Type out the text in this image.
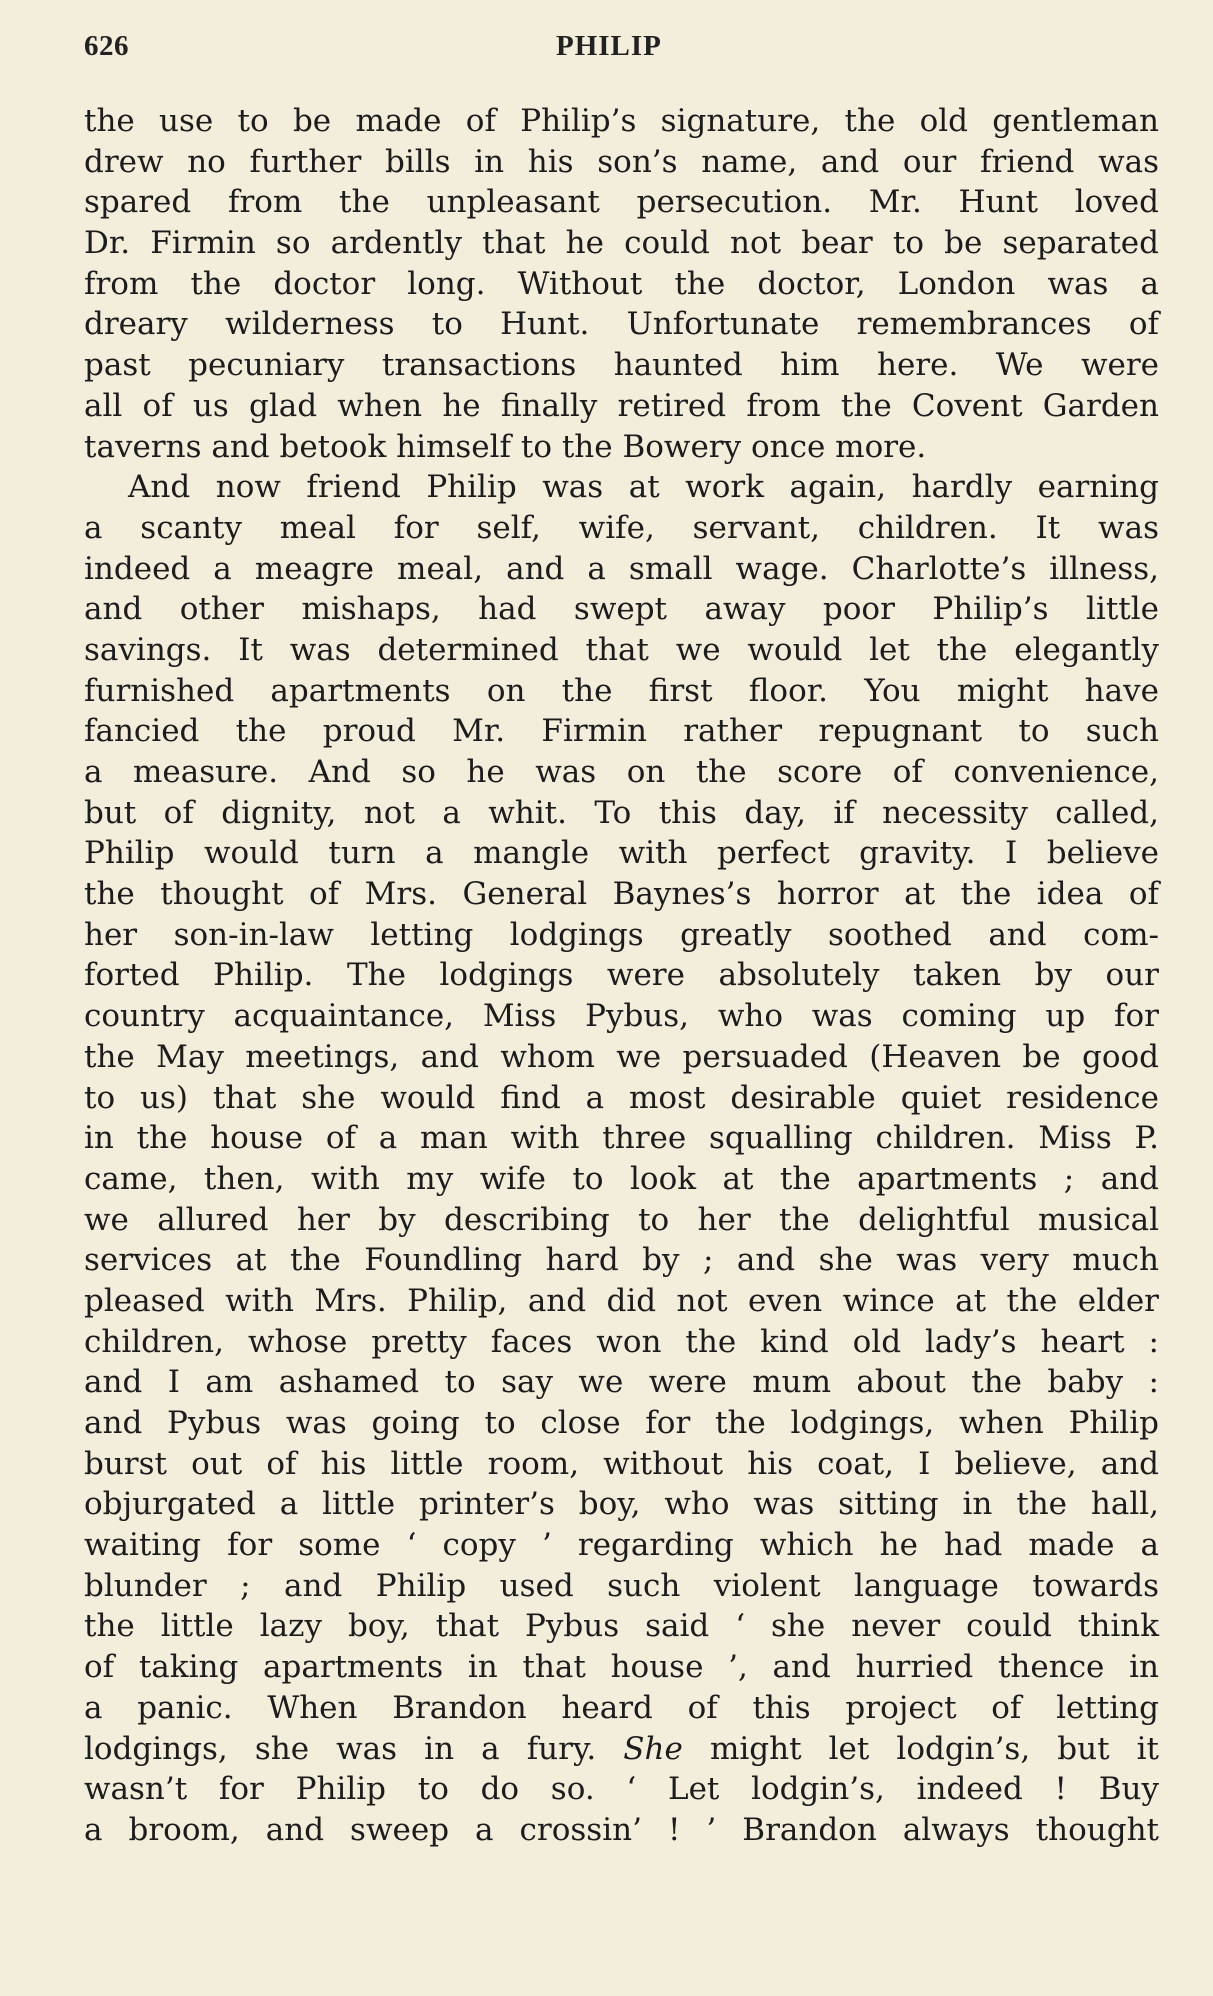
626	PHILIP
the use to be made of Philip’s signature, the old gentleman
drew no further bills in his son’s name, and our friend was
spared from the unpleasant persecution. Mr. Hunt loved
Dr. Firmin so ardently that he could not bear to be separated
from the doctor long. Without the doctor, London was a
dreary wilderness to Hunt. Unfortunate remembrances of
past pecuniary transactions haunted him here. We were
all of us glad when he finally retired from the Covent Garden
taverns and betook himself to the Bowery once more.
And now friend Philip was at work again, hardly earning
a scanty meal for self, wife, servant, children. It was
indeed a meagre meal, and a small wage. Charlotte’s illness,
and other mishaps, had swept away poor Philip’s little
savings. It was determined that we would let the elegantly
furnished apartments on the first floor. You might have
fancied the proud Mr. Firmin rather repugnant to such
a measure. And so he was on the score of convenience,
but of dignity, not a whit. To this day, if necessity called,
Philip would turn a mangle with perfect gravity. I believe
the thought of Mrs. General Baynes’s horror at the idea of
her son-in-law letting lodgings greatly soothed and com-
forted Philip. The lodgings were absolutely taken by our
country acquaintance, Miss Pybus, who was coming up for
the May meetings, and whom we persuaded (Heaven be good
to us) that she would find a most desirable quiet residence
in the house of a man with three squalling children. Miss P.
came, then, with my wife to look at the apartments ; and
we allured her by describing to her the delightful musical
services at the Foundling hard by ; and she was very much
pleased with Mrs. Philip, and did not even wince at the elder
children, whose pretty faces won the kind old lady’s heart :
and I am ashamed to say we were mum about the baby :
and Pybus was going to close for the lodgings, when Philip
burst out of his little room, without his coat, I believe, and
objurgated a little printer’s boy, who was sitting in the hall,
waiting for some ‘ copy ’ regarding which he had made a
blunder ; and Philip used such violent language towards
the little lazy boy, that Pybus said ‘ she never could think
of taking apartments in that house ’, and hurried thence in
a panic. When Brandon heard of this project of letting
lodgings, she was in a fury. She might let lodgin’s, but it
wasn’t for Philip to do so. ‘ Let lodgin’s, indeed ! Buy
a broom, and sweep a crossin’ ! ’ Brandon always thought
